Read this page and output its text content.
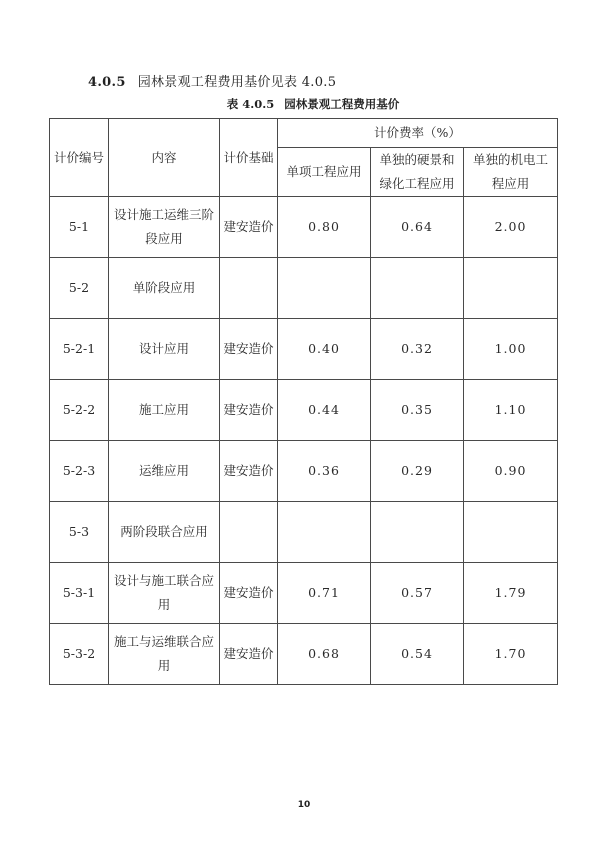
4.0.5 园林景观工程费用基价见表 4.0.5
表 4.0.5 园林景观工程费用基价
计价编号	内容	计价基础	计价费率（%）		
			单项工程应用	单独的硬景和绿化工程应用	单独的机电工程应用
5-1	设计施工运维三阶段应用	建安造价	0.80	0.64	2.00
5-2	单阶段应用				
5-2-1	设计应用	建安造价	0.40	0.32	1.00
5-2-2	施工应用	建安造价	0.44	0.35	1.10
5-2-3	运维应用	建安造价	0.36	0.29	0.90
5-3	两阶段联合应用				
5-3-1	设计与施工联合应用	建安造价	0.71	0.57	1.79
5-3-2	施工与运维联合应用	建安造价	0.68	0.54	1.70
10
